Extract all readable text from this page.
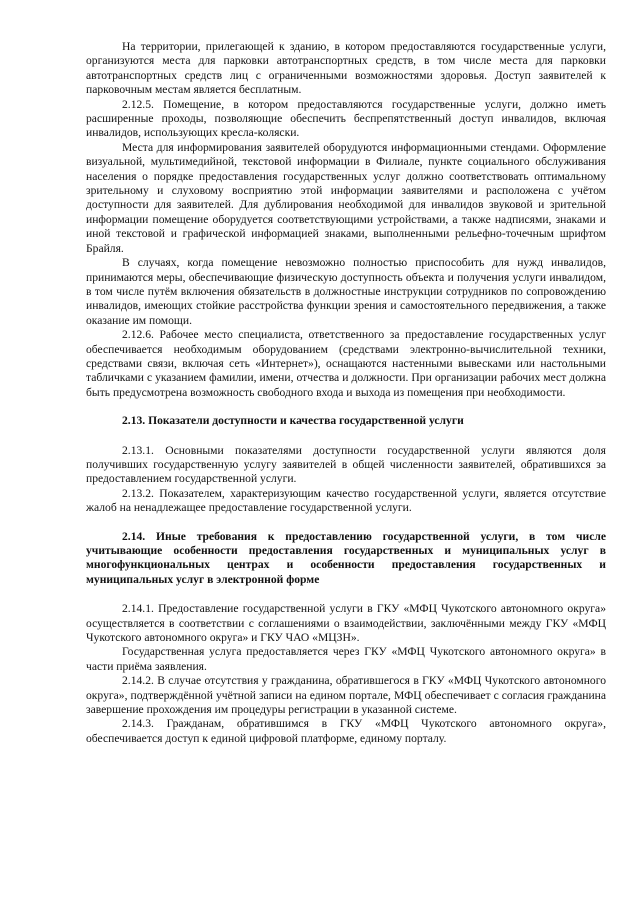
На территории, прилегающей к зданию, в котором предоставляются государственные услуги, организуются места для парковки автотранспортных средств, в том числе места для парковки автотранспортных средств лиц с ограниченными возможностями здоровья. Доступ заявителей к парковочным местам является бесплатным.

2.12.5. Помещение, в котором предоставляются государственные услуги, должно иметь расширенные проходы, позволяющие обеспечить беспрепятственный доступ инвалидов, включая инвалидов, использующих кресла-коляски.

Места для информирования заявителей оборудуются информационными стендами. Оформление визуальной, мультимедийной, текстовой информации в Филиале, пункте социального обслуживания населения о порядке предоставления государственных услуг должно соответствовать оптимальному зрительному и слуховому восприятию этой информации заявителями и расположена с учётом доступности для заявителей. Для дублирования необходимой для инвалидов звуковой и зрительной информации помещение оборудуется соответствующими устройствами, а также надписями, знаками и иной текстовой и графической информацией знаками, выполненными рельефно-точечным шрифтом Брайля.

В случаях, когда помещение невозможно полностью приспособить для нужд инвалидов, принимаются меры, обеспечивающие физическую доступность объекта и получения услуги инвалидом, в том числе путём включения обязательств в должностные инструкции сотрудников по сопровождению инвалидов, имеющих стойкие расстройства функции зрения и самостоятельного передвижения, а также оказание им помощи.

2.12.6. Рабочее место специалиста, ответственного за предоставление государственных услуг обеспечивается необходимым оборудованием (средствами электронно-вычислительной техники, средствами связи, включая сеть «Интернет»), оснащаются настенными вывесками или настольными табличками с указанием фамилии, имени, отчества и должности. При организации рабочих мест должна быть предусмотрена возможность свободного входа и выхода из помещения при необходимости.

2.13. Показатели доступности и качества государственной услуги

2.13.1. Основными показателями доступности государственной услуги являются доля получивших государственную услугу заявителей в общей численности заявителей, обратившихся за предоставлением государственной услуги.

2.13.2. Показателем, характеризующим качество государственной услуги, является отсутствие жалоб на ненадлежащее предоставление государственной услуги.

2.14. Иные требования к предоставлению государственной услуги, в том числе учитывающие особенности предоставления государственных и муниципальных услуг в многофункциональных центрах и особенности предоставления государственных и муниципальных услуг в электронной форме

2.14.1. Предоставление государственной услуги в ГКУ «МФЦ Чукотского автономного округа» осуществляется в соответствии с соглашениями о взаимодействии, заключёнными между ГКУ «МФЦ Чукотского автономного округа» и ГКУ ЧАО «МЦЗН».

Государственная услуга предоставляется через ГКУ «МФЦ Чукотского автономного округа» в части приёма заявления.

2.14.2. В случае отсутствия у гражданина, обратившегося в ГКУ «МФЦ Чукотского автономного округа», подтверждённой учётной записи на едином портале, МФЦ обеспечивает с согласия гражданина завершение прохождения им процедуры регистрации в указанной системе.

2.14.3. Гражданам, обратившимся в ГКУ «МФЦ Чукотского автономного округа», обеспечивается доступ к единой цифровой платформе, единому порталу.
